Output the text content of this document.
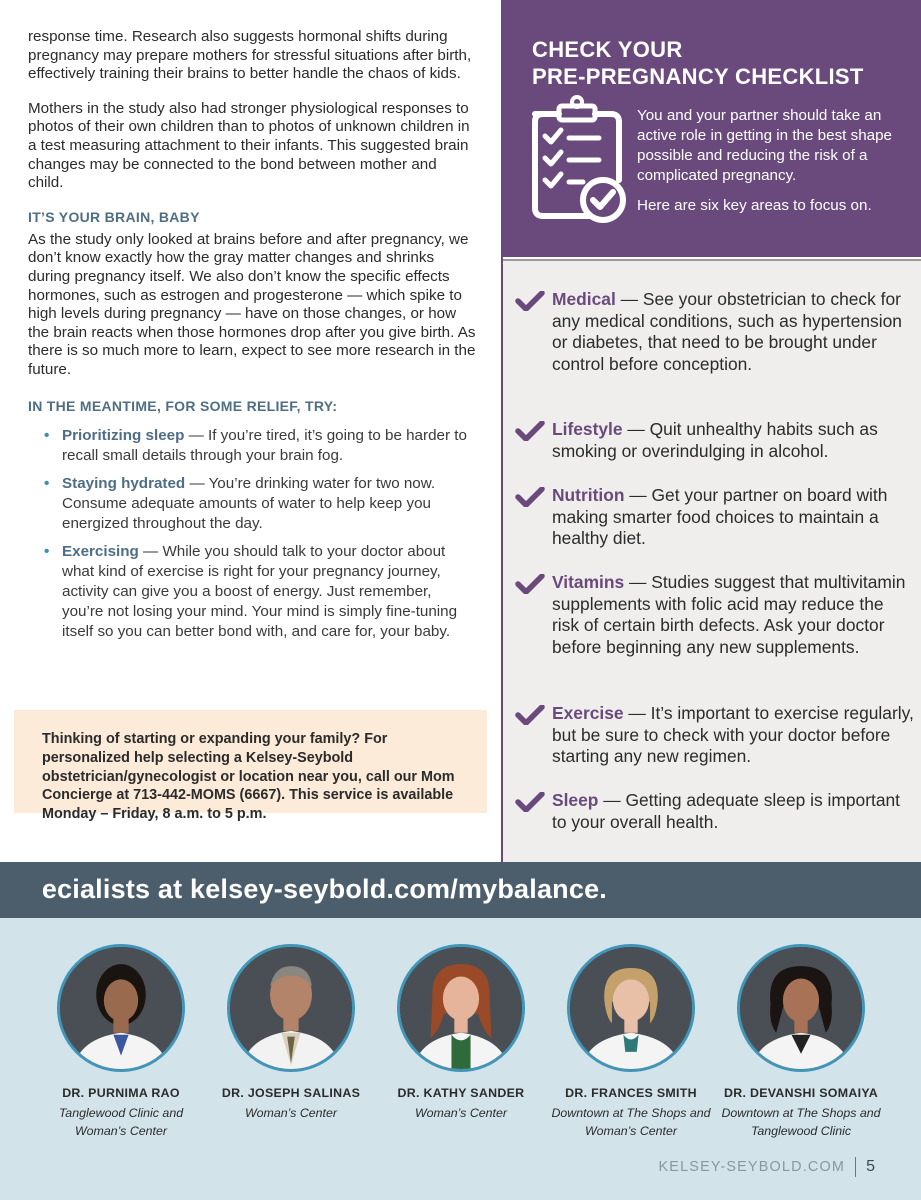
response time. Research also suggests hormonal shifts during pregnancy may prepare mothers for stressful situations after birth, effectively training their brains to better handle the chaos of kids.

Mothers in the study also had stronger physiological responses to photos of their own children than to photos of unknown children in a test measuring attachment to their infants. This suggested brain changes may be connected to the bond between mother and child.

IT’S YOUR BRAIN, BABY

As the study only looked at brains before and after pregnancy, we don’t know exactly how the gray matter changes and shrinks during pregnancy itself. We also don’t know the specific effects hormones, such as estrogen and progesterone — which spike to high levels during pregnancy — have on those changes, or how the brain reacts when those hormones drop after you give birth. As there is so much more to learn, expect to see more research in the future.

IN THE MEANTIME, FOR SOME RELIEF, TRY:
• Prioritizing sleep — If you’re tired, it’s going to be harder to recall small details through your brain fog.
• Staying hydrated — You’re drinking water for two now. Consume adequate amounts of water to help keep you energized throughout the day.
• Exercising — While you should talk to your doctor about what kind of exercise is right for your pregnancy journey, activity can give you a boost of energy. Just remember, you’re not losing your mind. Your mind is simply fine-tuning itself so you can better bond with, and care for, your baby.

Thinking of starting or expanding your family? For personalized help selecting a Kelsey-Seybold obstetrician/gynecologist or location near you, call our Mom Concierge at 713-442-MOMS (6667). This service is available Monday – Friday, 8 a.m. to 5 p.m.

CHECK YOUR
PRE-PREGNANCY CHECKLIST

You and your partner should take an active role in getting in the best shape possible and reducing the risk of a complicated pregnancy.

Here are six key areas to focus on.

Medical — See your obstetrician to check for any medical conditions, such as hypertension or diabetes, that need to be brought under control before conception.
Lifestyle — Quit unhealthy habits such as smoking or overindulging in alcohol.
Nutrition — Get your partner on board with making smarter food choices to maintain a healthy diet.
Vitamins — Studies suggest that multivitamin supplements with folic acid may reduce the risk of certain birth defects. Ask your doctor before beginning any new supplements.
Exercise — It’s important to exercise regularly, but be sure to check with your doctor before starting any new regimen.
Sleep — Getting adequate sleep is important to your overall health.
ecialists at kelsey-seybold.com/mybalance.
DR. PURNIMA RAO
Tanglewood Clinic and Woman’s Center
DR. JOSEPH SALINAS
Woman’s Center
DR. KATHY SANDER
Woman’s Center
DR. FRANCES SMITH
Downtown at The Shops and Woman’s Center
DR. DEVANSHI SOMAIYA
Downtown at The Shops and Tanglewood Clinic
KELSEY-SEYBOLD.COM	5
